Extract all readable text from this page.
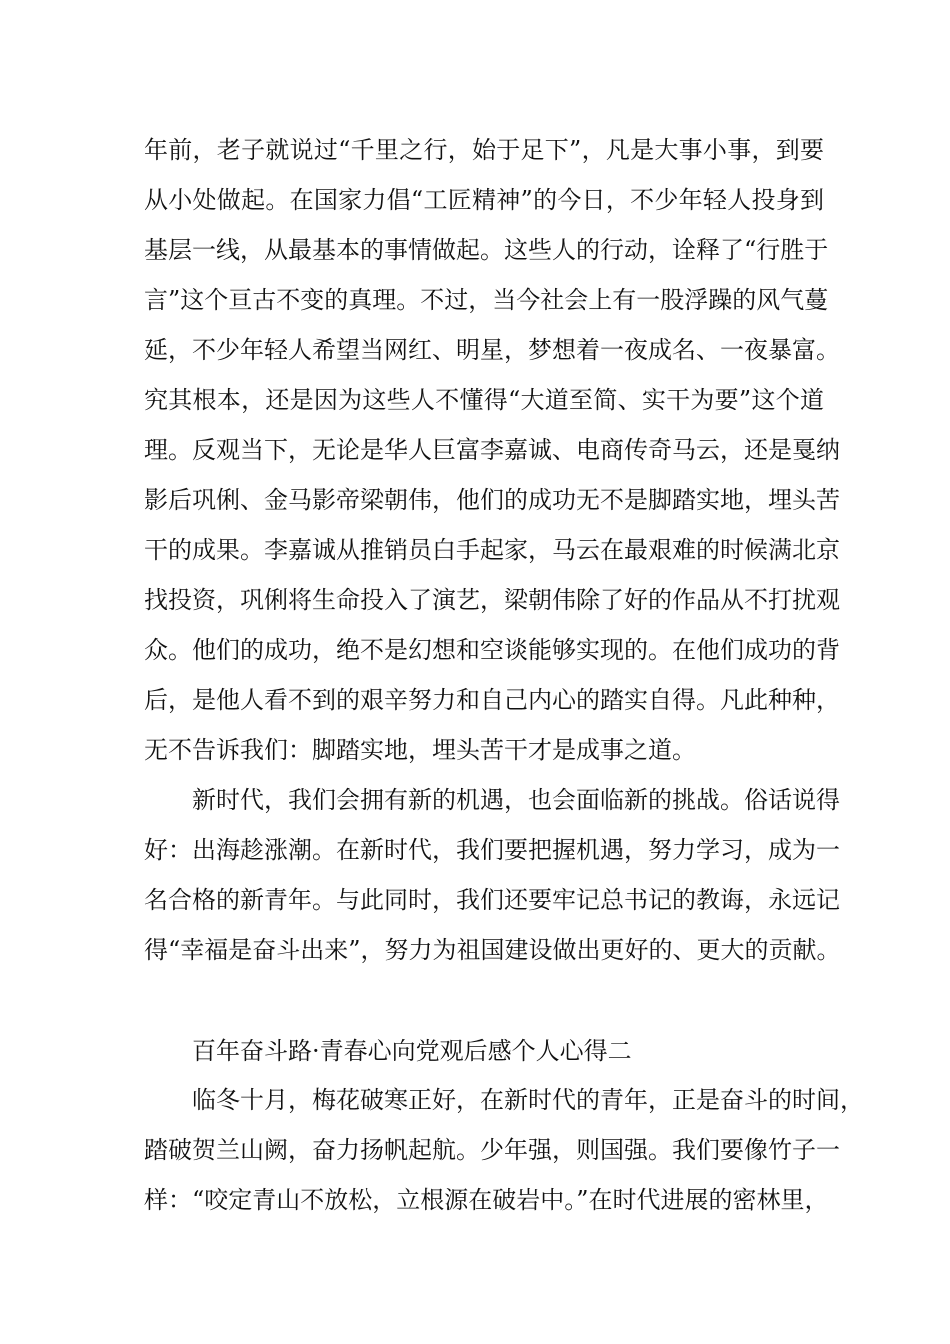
年前，老子就说过“千里之行，始于足下”，凡是大事小事，到要
从小处做起。在国家力倡“工匠精神”的今日，不少年轻人投身到
基层一线，从最基本的事情做起。这些人的行动，诠释了“行胜于
言”这个亘古不变的真理。不过，当今社会上有一股浮躁的风气蔓
延，不少年轻人希望当网红、明星，梦想着一夜成名、一夜暴富。
究其根本，还是因为这些人不懂得“大道至简、实干为要”这个道
理。反观当下，无论是华人巨富李嘉诚、电商传奇马云，还是戛纳
影后巩俐、金马影帝梁朝伟，他们的成功无不是脚踏实地，埋头苦
干的成果。李嘉诚从推销员白手起家，马云在最艰难的时候满北京
找投资，巩俐将生命投入了演艺，梁朝伟除了好的作品从不打扰观
众。他们的成功，绝不是幻想和空谈能够实现的。在他们成功的背
后，是他人看不到的艰辛努力和自己内心的踏实自得。凡此种种，
无不告诉我们：脚踏实地，埋头苦干才是成事之道。
新时代，我们会拥有新的机遇，也会面临新的挑战。俗话说得
好：出海趁涨潮。在新时代，我们要把握机遇，努力学习，成为一
名合格的新青年。与此同时，我们还要牢记总书记的教诲，永远记
得“幸福是奋斗出来”，努力为祖国建设做出更好的、更大的贡献。
百年奋斗路·青春心向党观后感个人心得二
临冬十月，梅花破寒正好，在新时代的青年，正是奋斗的时间，
踏破贺兰山阙，奋力扬帆起航。少年强，则国强。我们要像竹子一
样：“咬定青山不放松，立根源在破岩中。”在时代进展的密林里，
